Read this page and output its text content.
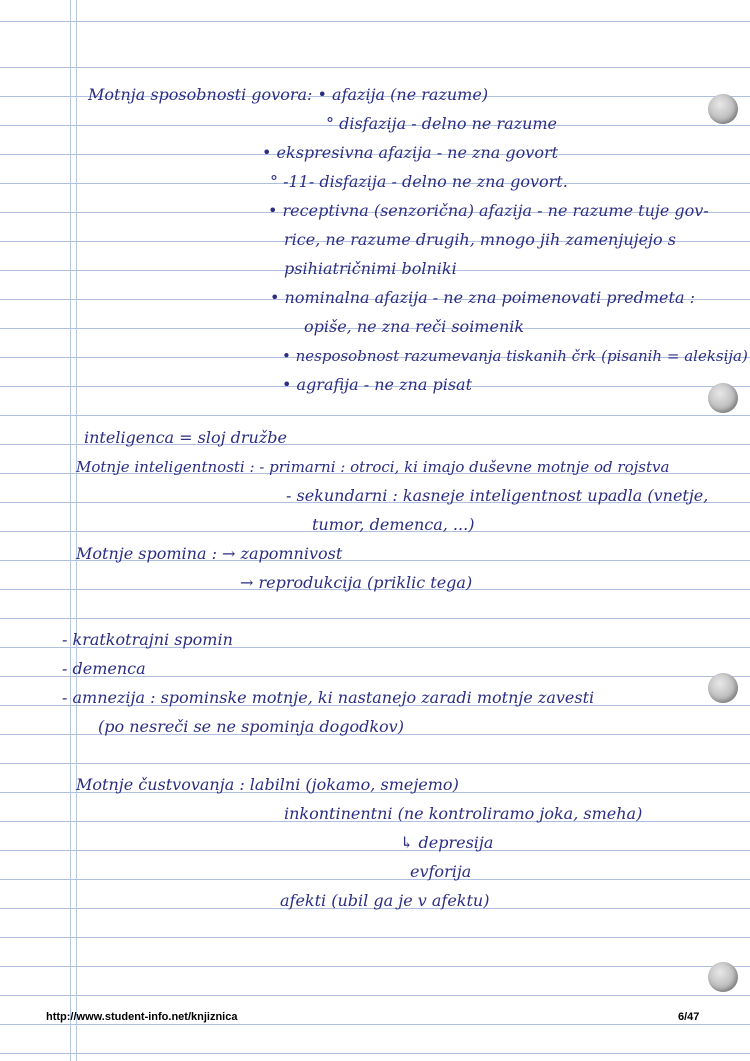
Motnja sposobnosti govora: • afazija (ne razume)
° disfazija - delno ne razume
• ekspresivna afazija - ne zna govort
° -11- disfazija - delno ne zna govort.
• receptivna (senzorična) afazija - ne razume tuje gov-
rice, ne razume drugih, mnogo jih zamenjujejo s
psihiatričnimi bolniki
• nominalna afazija - ne zna poimenovati predmeta :
opiše, ne zna reči soimenik
• nesposobnost razumevanja tiskanih črk (pisanih = aleksija)
• agrafija - ne zna pisat
inteligenca = sloj družbe
Motnje inteligentnosti : - primarni : otroci, ki imajo duševne motnje od rojstva
- sekundarni : kasneje inteligentnost upadla (vnetje,
tumor, demenca, ...)
Motnje spomina : → zapomnivost
→ reprodukcija (priklic tega)
- kratkotrajni spomin
- demenca
- amnezija : spominske motnje, ki nastanejo zaradi motnje zavesti
(po nesreči se ne spominja dogodkov)
Motnje čustvovanja : labilni (jokamo, smejemo)
inkontinentni (ne kontroliramo joka, smeha)
↳ depresija
evforija
afekti (ubil ga je v afektu)
http://www.student-info.net/knjiznica	6/47
